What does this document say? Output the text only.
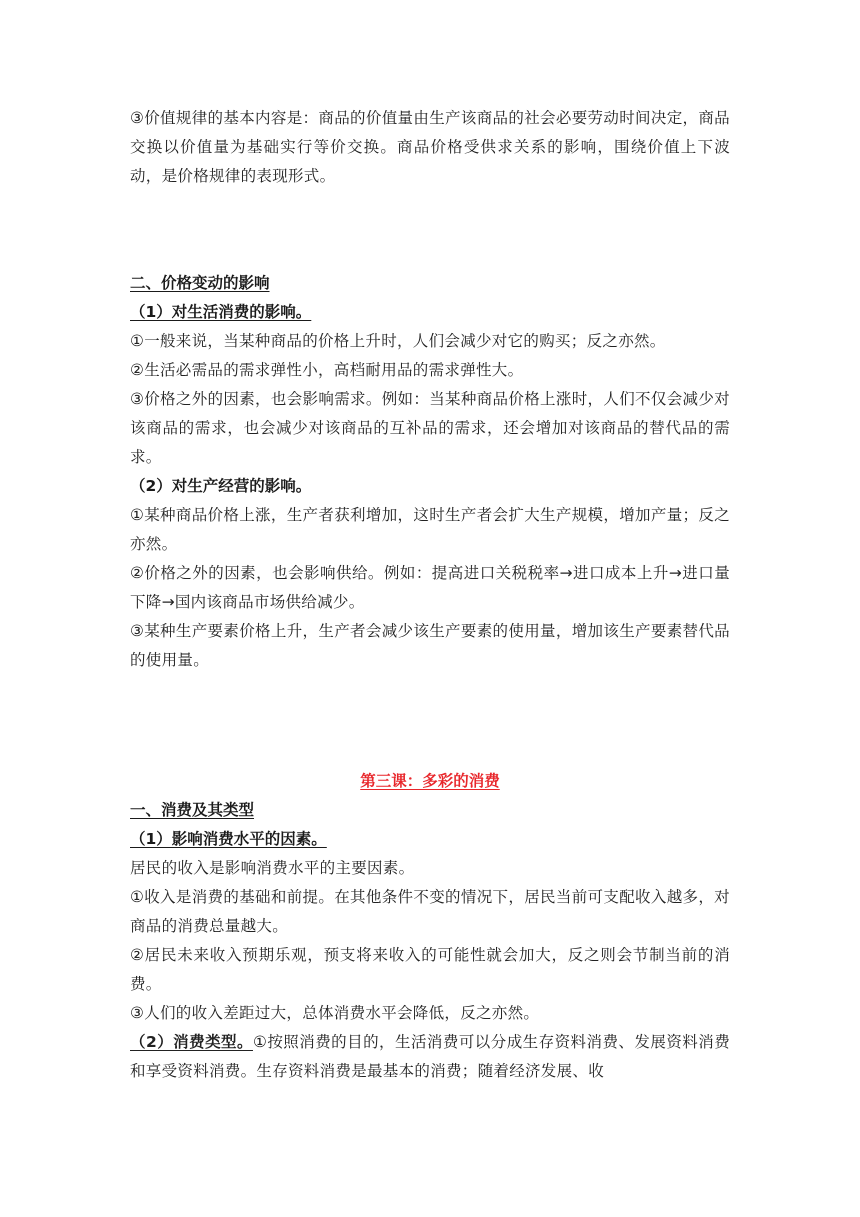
③价值规律的基本内容是：商品的价值量由生产该商品的社会必要劳动时间决定，商品交换以价值量为基础实行等价交换。商品价格受供求关系的影响，围绕价值上下波动，是价格规律的表现形式。

二、价格变动的影响

（1）对生活消费的影响。

①一般来说，当某种商品的价格上升时，人们会减少对它的购买；反之亦然。

②生活必需品的需求弹性小，高档耐用品的需求弹性大。

③价格之外的因素，也会影响需求。例如：当某种商品价格上涨时，人们不仅会减少对该商品的需求，也会减少对该商品的互补品的需求，还会增加对该商品的替代品的需求。

（2）对生产经营的影响。

①某种商品价格上涨，生产者获利增加，这时生产者会扩大生产规模，增加产量；反之亦然。

②价格之外的因素，也会影响供给。例如：提高进口关税税率→进口成本上升→进口量下降→国内该商品市场供给减少。

③某种生产要素价格上升，生产者会减少该生产要素的使用量，增加该生产要素替代品的使用量。

第三课：多彩的消费

一、消费及其类型

（1）影响消费水平的因素。

居民的收入是影响消费水平的主要因素。

①收入是消费的基础和前提。在其他条件不变的情况下，居民当前可支配收入越多，对商品的消费总量越大。

②居民未来收入预期乐观，预支将来收入的可能性就会加大，反之则会节制当前的消费。

③人们的收入差距过大，总体消费水平会降低，反之亦然。

（2）消费类型。①按照消费的目的，生活消费可以分成生存资料消费、发展资料消费和享受资料消费。生存资料消费是最基本的消费；随着经济发展、收
